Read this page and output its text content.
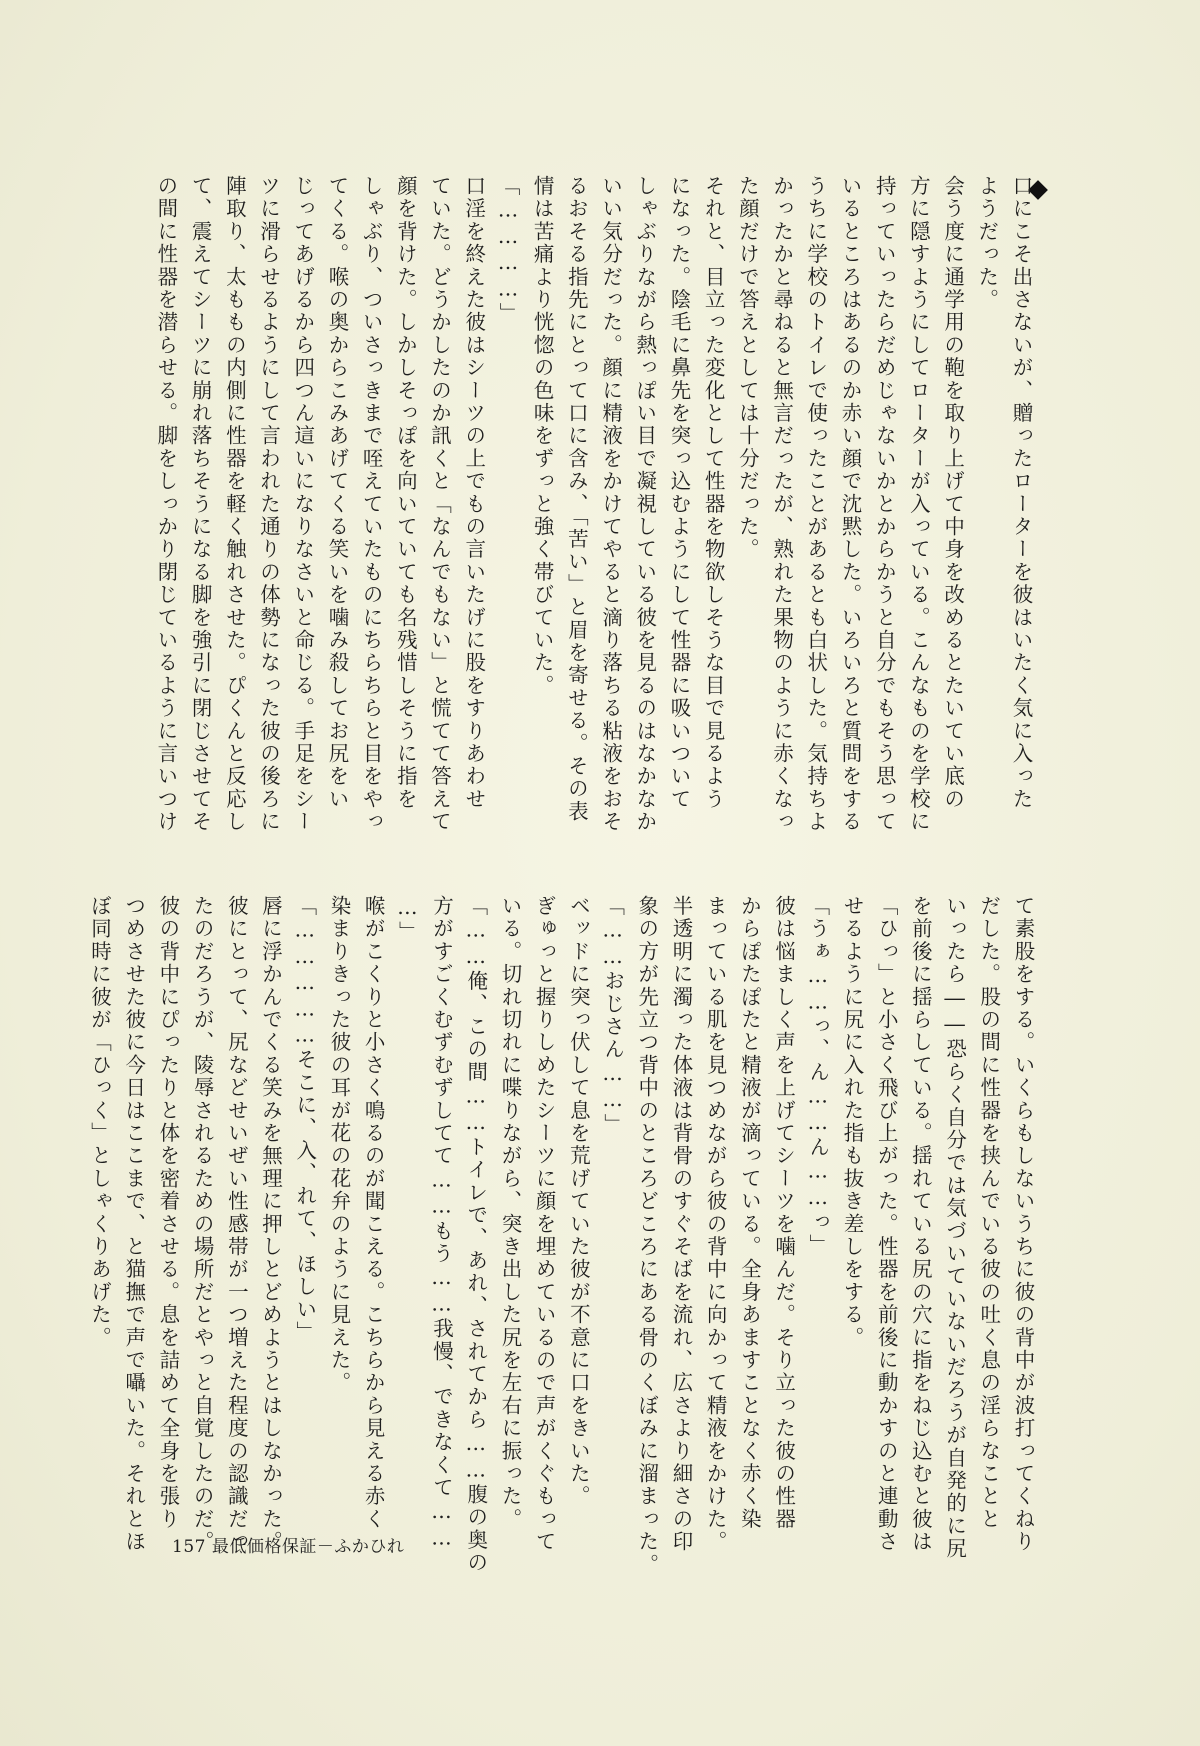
口にこそ出さないが、贈ったローターを彼はいたく気に入った
ようだった。
会う度に通学用の鞄を取り上げて中身を改めるとたいてい底の
方に隠すようにしてローターが入っている。こんなものを学校に
持っていったらだめじゃないかとからかうと自分でもそう思って
いるところはあるのか赤い顔で沈黙した。いろいろと質問をする
うちに学校のトイレで使ったことがあるとも白状した。気持ちよ
かったかと尋ねると無言だったが、熟れた果物のように赤くなっ
た顔だけで答えとしては十分だった。
それと、目立った変化として性器を物欲しそうな目で見るよう
になった。陰毛に鼻先を突っ込むようにして性器に吸いついて
しゃぶりながら熱っぽい目で凝視している彼を見るのはなかなか
いい気分だった。顔に精液をかけてやると滴り落ちる粘液をおそ
るおそる指先にとって口に含み、「苦い」と眉を寄せる。その表
情は苦痛より恍惚の色味をずっと強く帯びていた。
「…………」
口淫を終えた彼はシーツの上でもの言いたげに股をすりあわせ
ていた。どうかしたのか訊くと「なんでもない」と慌てて答えて
顔を背けた。しかしそっぽを向いていても名残惜しそうに指を
しゃぶり、ついさっきまで咥えていたものにちらちらと目をやっ
てくる。喉の奥からこみあげてくる笑いを噛み殺してお尻をい
じってあげるから四つん這いになりなさいと命じる。手足をシー
ツに滑らせるようにして言われた通りの体勢になった彼の後ろに
陣取り、太ももの内側に性器を軽く触れさせた。ぴくんと反応し
て、震えてシーツに崩れ落ちそうになる脚を強引に閉じさせてそ
の間に性器を潜らせる。脚をしっかり閉じているように言いつけ
て素股をする。いくらもしないうちに彼の背中が波打ってくねり
だした。股の間に性器を挟んでいる彼の吐く息の淫らなことと
いったら――恐らく自分では気づいていないだろうが自発的に尻
を前後に揺らしている。揺れている尻の穴に指をねじ込むと彼は
「ひっ」と小さく飛び上がった。性器を前後に動かすのと連動さ
せるように尻に入れた指も抜き差しをする。
「うぁ……っ、ん……ん……っ」
彼は悩ましく声を上げてシーツを噛んだ。そり立った彼の性器
からぽたぽたと精液が滴っている。全身あますことなく赤く染
まっている肌を見つめながら彼の背中に向かって精液をかけた。
半透明に濁った体液は背骨のすぐそばを流れ、広さより細さの印
象の方が先立つ背中のところどころにある骨のくぼみに溜まった。
「……おじさん……」
ベッドに突っ伏して息を荒げていた彼が不意に口をきいた。
ぎゅっと握りしめたシーツに顔を埋めているので声がくぐもって
いる。切れ切れに喋りながら、突き出した尻を左右に振った。
「……俺、この間……トイレで、あれ、されてから……腹の奥の
方がすごくむずむずしてて……もう……我慢、できなくて……
…」
喉がこくりと小さく鳴るのが聞こえる。こちらから見える赤く
染まりきった彼の耳が花の花弁のように見えた。
「……………そこに、入、れて、ほしい」
唇に浮かんでくる笑みを無理に押しとどめようとはしなかった。
彼にとって、尻などせいぜい性感帯が一つ増えた程度の認識だっ
たのだろうが、陵辱されるための場所だとやっと自覚したのだ。
彼の背中にぴったりと体を密着させる。息を詰めて全身を張り
つめさせた彼に今日はここまで、と猫撫で声で囁いた。それとほ
ぼ同時に彼が「ひっく」としゃくりあげた。
157 最低価格保証－ふかひれ
